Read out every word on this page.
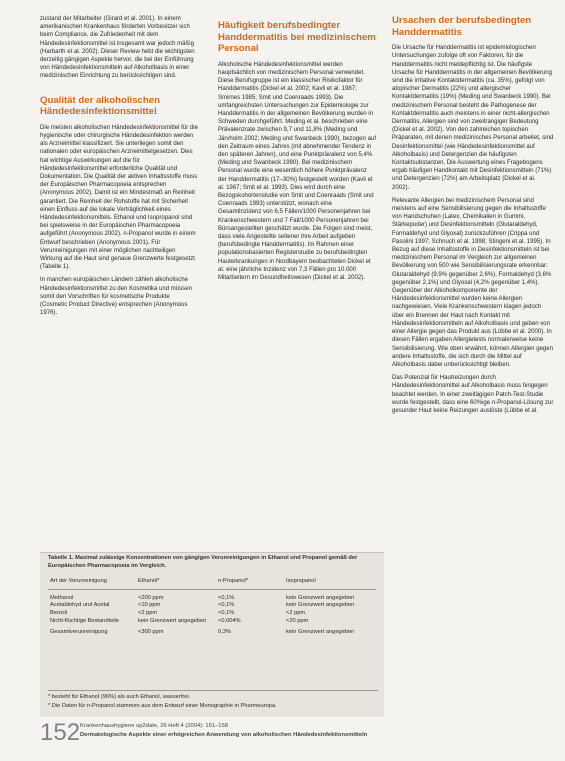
zustand der Mitarbeiter (Girard et al. 2001). In einem amerikanischen Krankenhaus förderten Vorbesitzer sich beim Compliance, die Zufriedenheit mit dem Händedesinfektionsmittel ist insgesamt war jedoch mäßig (Harbarth et al. 2002). Dieser Review hebt die wichtigsten derzeitig gängigen Aspekte hervor, die bei der Einführung von Händedesinfektionsmitteln auf Alkoholbasis in einer medizinischen Einrichtung zu berücksichtigen sind.

Qualität der alkoholischen Händedesinfektionsmittel

Die meisten alkoholischen Händedesinfektionsmittel für die hygienische oder chirurgische Händedesinfektion werden als Arzneimittel klassifiziert. Sie unterliegen somit den nationalen oder europäischen Arzneimittelgesetzen. Dies hat wichtige Auswirkungen auf die für Händedesinfektionsmittel erforderliche Qualität und Dokumentation. Die Qualität der aktiven Inhaltsstoffe muss der Europäischen Pharmacopoeia entsprechen (Anonymous 2002). Damit ist ein Mindestmaß an Reinheit garantiert. Die Reinheit der Rohstoffe hat mit Sicherheit einen Einfluss auf die lokale Verträglichkeit eines Händedesinfektionsmittels. Ethanol und Isopropanol sind bei spielsweise in der Europäischen Pharmacopoeia aufgeführt (Anonymous 2002). n-Propanol wurde in einem Entwurf beschrieben (Anonymous 2001). Für Verunreinigungen mit einer möglichen nachteiligen Wirkung auf die Haut sind genaue Grenzwerte festgesetzt (Tabelle 1).

In manchen europäischen Ländern zählen alkoholische Händedesinfektionsmittel zu den Kosmetika und müssen somit den Vorschriften für kosmetische Produkte (Cosmetic Product Directive) entsprechen (Anonymous 1976).

Häufigkeit berufsbedingter Handdermatitis bei medizinischem Personal

Alkoholische Händedesinfektionsmittel werden hauptsächlich von medizinischem Personal verwendet. Diese Berufsgruppe ist ein klassischer Risikofaktor für Handdermatitis (Dickel et al. 2002; Kavli et al. 1987; Smirnes 1985; Smit und Coenraads 1993). Die umfangreichsten Untersuchungen zur Epidemiologie zur Handdermatitis in der allgemeinen Bevölkerung wurden in Schweden durchgeführt. Meding et al. beschrieben eine Prävalenzrate zwischen 9,7 und 11,8% (Meding und Järvholm 2002; Meding und Swanbeck 1990), bezogen auf den Zeitraum eines Jahres (mit abnehmender Tendenz in den späteren Jahren), und eine Punktprävalenz von 5,4% (Meding und Swanbeck 1990). Bei medizinischem Personal wurde eine wesentlich höhere Punktprävalenz der Handdermatitis (17–30%) festgestellt worden (Kavli et al. 1987; Smit et al. 1993). Dies wird durch eine Bezogskohortenstudie von Smit und Coenraads (Smit und Coenraads 1993) unterstützt, wonach eine Gesamtinzidenz von 6,5 Fällen/1000 Personenjahren bei Krankenschwestern und 7 Fall/1000 Personenjahren bei Büroangestellten geschätzt wurde. Die Folgen sind meist, dass viele Angestellte seltener ihre Arbeit aufgeben (berufsbedingte Handdermatitis). Im Rahmen einer populationsbasierten Registerstudie zu berufsbedingten Hauterkrankungen in Nordbayern beobachteten Dickel et al. eine jährliche Inzidenz von 7,3 Fällen pro 10.000 Mitarbeitern im Gesundheitswesen (Dickel et al. 2002).

Ursachen der berufsbedingten Handdermatitis

Die Ursache für Handdermatitis ist epidemiologischen Untersuchungen zufolge oft von Faktoren, für die Handdermatitis nicht meldepflichtig ist. Die häufigste Ursache für Handdermatitis in der allgemeinen Bevölkerung sind die irritative Kontaktdermatitis (ca. 35%), gefolgt von atopischer Dermatitis (22%) und allergischer Kontaktdermatitis (19%) (Meding und Swanbeck 1990). Bei medizinischem Personal besteht die Pathogenese der Kontaktdermatitis auch meistens in einer nicht-allergischen Dermatitis, Allergien sind von zweitrangiger Bedeutung (Dickel et al. 2002). Von den zahlreichen topischen Präparaten, mit denen medizinisches Personal arbeitet, sind Desinfektionsmittel (wie Händedesinfektionsmittel auf Alkoholbasis) und Detergenzien die häufigsten Kontaktsubstanzen. Die Auswertung eines Fragebogens ergab häufigen Handkontakt mit Desinfektionsmitteln (71%) und Detergenzien (72%) am Arbeitsplatz (Dickel et al. 2002).

Relevante Allergien bei medizinischem Personal sind meistens auf eine Sensibilisierung gegen die Inhaltsstoffe von Handschuhen (Latex, Chemikalien in Gummi, Stärkepuder) und Desinfektionsmitteln (Glutaraldehyd, Formaldehyd und Glyoxal) zurückzuführen (Crippa und Pasolini 1997; Schnuch et al. 1998; Stingeni et al. 1995). In Bezug auf diese Inhaltsstoffe in Desinfektionsmitteln ist bei medizinischem Personal im Vergleich zur allgemeinen Bevölkerung von 500 wie Sensibilisierungsrate erkennbar: Glutaraldehyd (9,9% gegenüber 2,6%), Formaldehyd (3,6% gegenüber 2,1%) und Glyoxal (4,2% gegenüber 1,4%). Gegenüber der Alkoholkomponente der Händedesinfektionsmittel wurden keine Allergien nachgewiesen. Viele Krankenschwestern klagen jedoch über ein Brennen der Haut nach Kontakt mit Händedesinfektionsmitteln auf Alkoholbasis und geben von einer Allergie gegen das Produkt aus (Lübbe et al. 2000). In diesen Fällen ergaben Allergietests normalerweise keine Sensibilisierung. Wie oben erwähnt, können Allergien gegen andere Inhaltsstoffe, die sich durch die Mittel auf Alkoholbasis dabei unberücksichtigt bleiben.

Das Potenzial für Hautreizungen durch Händedesinfektionsmittel auf Alkoholbasis muss hingegen beachtet werden. In einer zweitägigen Patch-Test-Studie wurde festgestellt, dass eine 60%ige n-Propanol-Lösung zur gesunder Haut keine Reizungen auslöste (Lübbe et al.

Tabelle 1. Maximal zulässige Konzentrationen von gängigen Verunreinigungen in Ethanol und Propanol gemäß der Europäischen Pharmacopoeia im Vergleich.
Art der Verunreinigung	Ethanol*	n-Propanol*	Isopropanol
Methanol	<200 ppm	<0,1%	kein Grenzwert angegeben
Acetaldehyd und Acetal	<10 ppm	<0,1%	kein Grenzwert angegeben
Benzol	<2 ppm	<0,1%	<2 ppm
Nicht-flüchtige Bestandteile	kein Grenzwert angegeben	<0,004%	<20 ppm
Gesamtverunreinigung	<300 ppm	0,3%	kein Grenzwert angegeben
* bezieht für Ethanol (96%) als auch Ethanol, wasserfrei.
* Die Daten für n-Propanol stammen aus dem Entwurf einer Monographie in Pharmeuropa.
152 Krankenhaushygiene up2date, 26 Heft 4 (2004): 151–158
Dermatologische Aspekte einer erfolgreichen Anwendung von alkoholischen Händedesinfektionsmitteln
